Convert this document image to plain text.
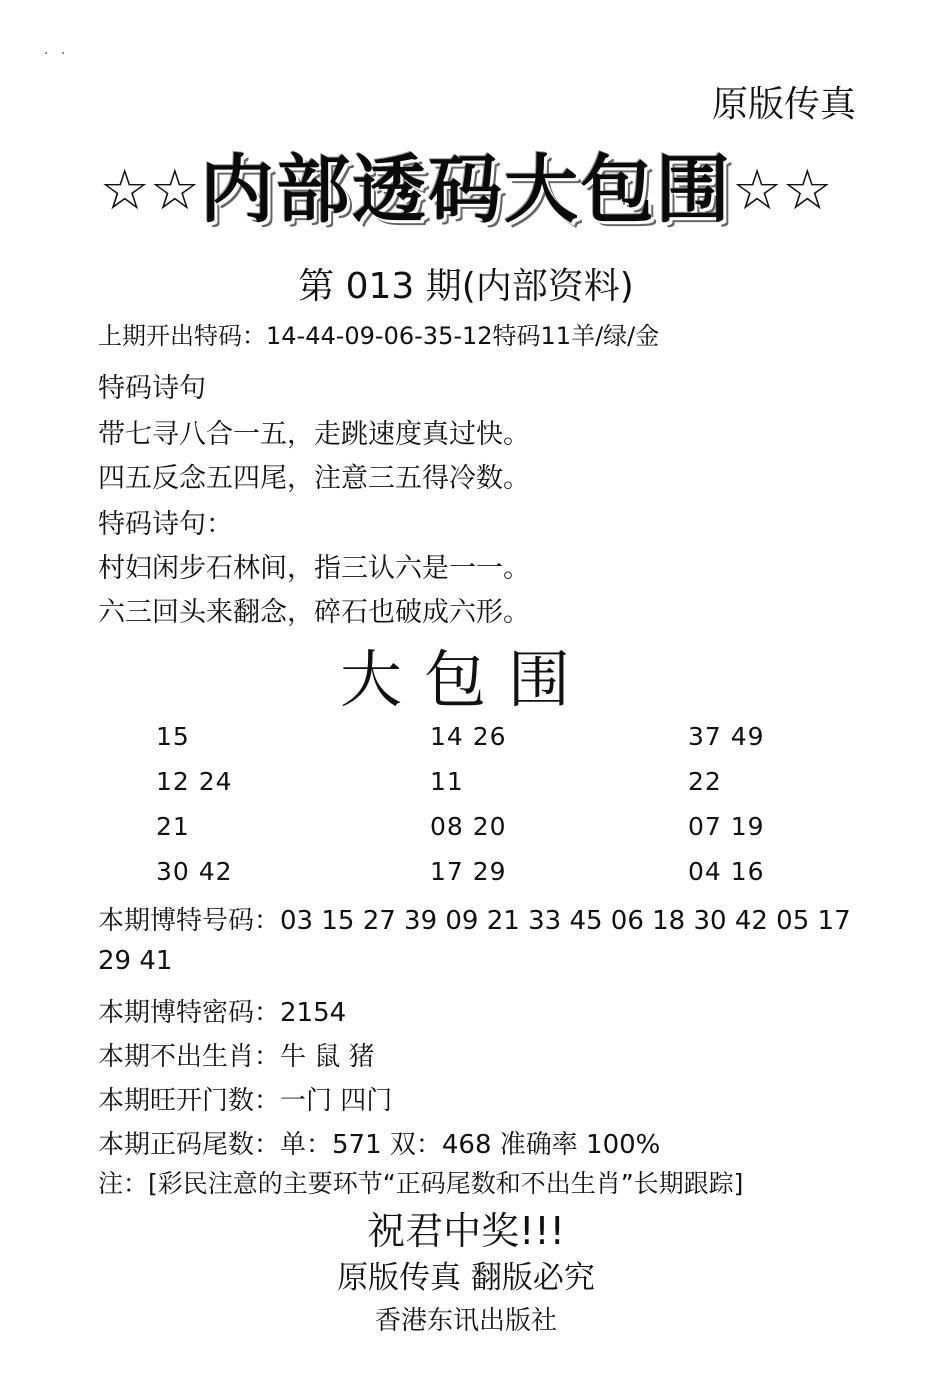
· ·
原版传真
☆☆内部透码大包围☆☆
第 013 期(内部资料)
上期开出特码：14-44-09-06-35-12特码11羊/绿/金
特码诗句
带七寻八合一五，走跳速度真过快。
四五反念五四尾，注意三五得冷数。
特码诗句：
村妇闲步石林间，指三认六是一一。
六三回头来翻念，碎石也破成六形。
大包围
15	14 26	37 49
12 24	11	22
21	08 20	07 19
30 42	17 29	04 16
本期博特号码：03 15 27 39 09 21 33 45 06 18 30 42 05 17
29 41
本期博特密码：2154
本期不出生肖：牛 鼠 猪
本期旺开门数：一门 四门
本期正码尾数：单：571 双：468 准确率 100%
注：[彩民注意的主要环节“正码尾数和不出生肖”长期跟踪]
祝君中奖!!!
原版传真 翻版必究
香港东讯出版社
